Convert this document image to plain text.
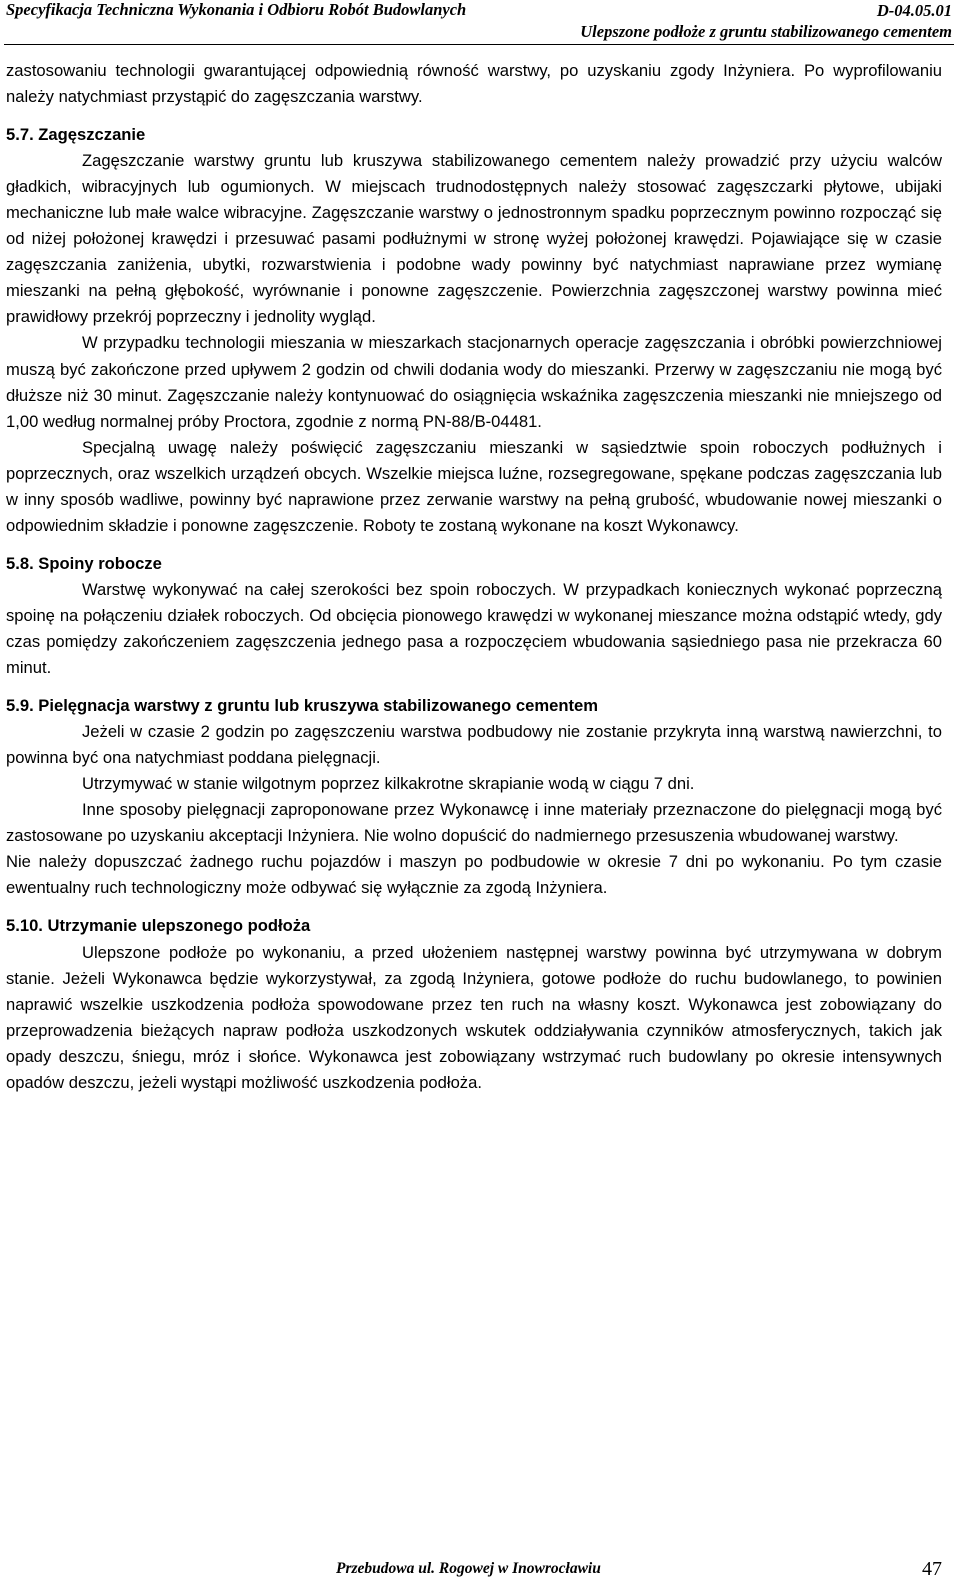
Specyfikacja Techniczna Wykonania i Odbioru Robót Budowlanych	D-04.05.01
Ulepszone podłoże z gruntu stabilizowanego cementem

zastosowaniu technologii gwarantującej odpowiednią równość warstwy, po uzyskaniu zgody Inżyniera. Po wyprofilowaniu należy natychmiast przystąpić do zagęszczania warstwy.

5.7. Zagęszczanie

Zagęszczanie warstwy gruntu lub kruszywa stabilizowanego cementem należy prowadzić przy użyciu walców gładkich, wibracyjnych lub ogumionych. W miejscach trudnodostępnych należy stosować zagęszczarki płytowe, ubijaki mechaniczne lub małe walce wibracyjne. Zagęszczanie warstwy o jednostronnym spadku poprzecznym powinno rozpocząć się od niżej położonej krawędzi i przesuwać pasami podłużnymi w stronę wyżej położonej krawędzi. Pojawiające się w czasie zagęszczania zaniżenia, ubytki, rozwarstwienia i podobne wady powinny być natychmiast naprawiane przez wymianę mieszanki na pełną głębokość, wyrównanie i ponowne zagęszczenie. Powierzchnia zagęszczonej warstwy powinna mieć prawidłowy przekrój poprzeczny i jednolity wygląd.

W przypadku technologii mieszania w mieszarkach stacjonarnych operacje zagęszczania i obróbki powierzchniowej muszą być zakończone przed upływem 2 godzin od chwili dodania wody do mieszanki. Przerwy w zagęszczaniu nie mogą być dłuższe niż 30 minut. Zagęszczanie należy kontynuować do osiągnięcia wskaźnika zagęszczenia mieszanki nie mniejszego od 1,00 według normalnej próby Proctora, zgodnie z normą PN-88/B-04481.

Specjalną uwagę należy poświęcić zagęszczaniu mieszanki w sąsiedztwie spoin roboczych podłużnych i poprzecznych, oraz wszelkich urządzeń obcych. Wszelkie miejsca luźne, rozsegregowane, spękane podczas zagęszczania lub w inny sposób wadliwe, powinny być naprawione przez zerwanie warstwy na pełną grubość, wbudowanie nowej mieszanki o odpowiednim składzie i ponowne zagęszczenie. Roboty te zostaną wykonane na koszt Wykonawcy.

5.8. Spoiny robocze

Warstwę wykonywać na całej szerokości bez spoin roboczych. W przypadkach koniecznych wykonać poprzeczną spoinę na połączeniu działek roboczych. Od obcięcia pionowego krawędzi w wykonanej mieszance można odstąpić wtedy, gdy czas pomiędzy zakończeniem zagęszczenia jednego pasa a rozpoczęciem wbudowania sąsiedniego pasa nie przekracza 60 minut.

5.9. Pielęgnacja warstwy z gruntu lub kruszywa stabilizowanego cementem

Jeżeli w czasie 2 godzin po zagęszczeniu warstwa podbudowy nie zostanie przykryta inną warstwą nawierzchni, to powinna być ona natychmiast poddana pielęgnacji.

Utrzymywać w stanie wilgotnym poprzez kilkakrotne skrapianie wodą w ciągu 7 dni.

Inne sposoby pielęgnacji zaproponowane przez Wykonawcę i inne materiały przeznaczone do pielęgnacji mogą być zastosowane po uzyskaniu akceptacji Inżyniera. Nie wolno dopuścić do nadmiernego przesuszenia wbudowanej warstwy.

Nie należy dopuszczać żadnego ruchu pojazdów i maszyn po podbudowie w okresie 7 dni po wykonaniu. Po tym czasie ewentualny ruch technologiczny może odbywać się wyłącznie za zgodą Inżyniera.

5.10. Utrzymanie ulepszonego podłoża

Ulepszone podłoże po wykonaniu, a przed ułożeniem następnej warstwy powinna być utrzymywana w dobrym stanie. Jeżeli Wykonawca będzie wykorzystywał, za zgodą Inżyniera, gotowe podłoże do ruchu budowlanego, to powinien naprawić wszelkie uszkodzenia podłoża spowodowane przez ten ruch na własny koszt. Wykonawca jest zobowiązany do przeprowadzenia bieżących napraw podłoża uszkodzonych wskutek oddziaływania czynników atmosferycznych, takich jak opady deszczu, śniegu, mróz i słońce. Wykonawca jest zobowiązany wstrzymać ruch budowlany po okresie intensywnych opadów deszczu, jeżeli wystąpi możliwość uszkodzenia podłoża.

Przebudowa ul. Rogowej w Inowrocławiu	47
